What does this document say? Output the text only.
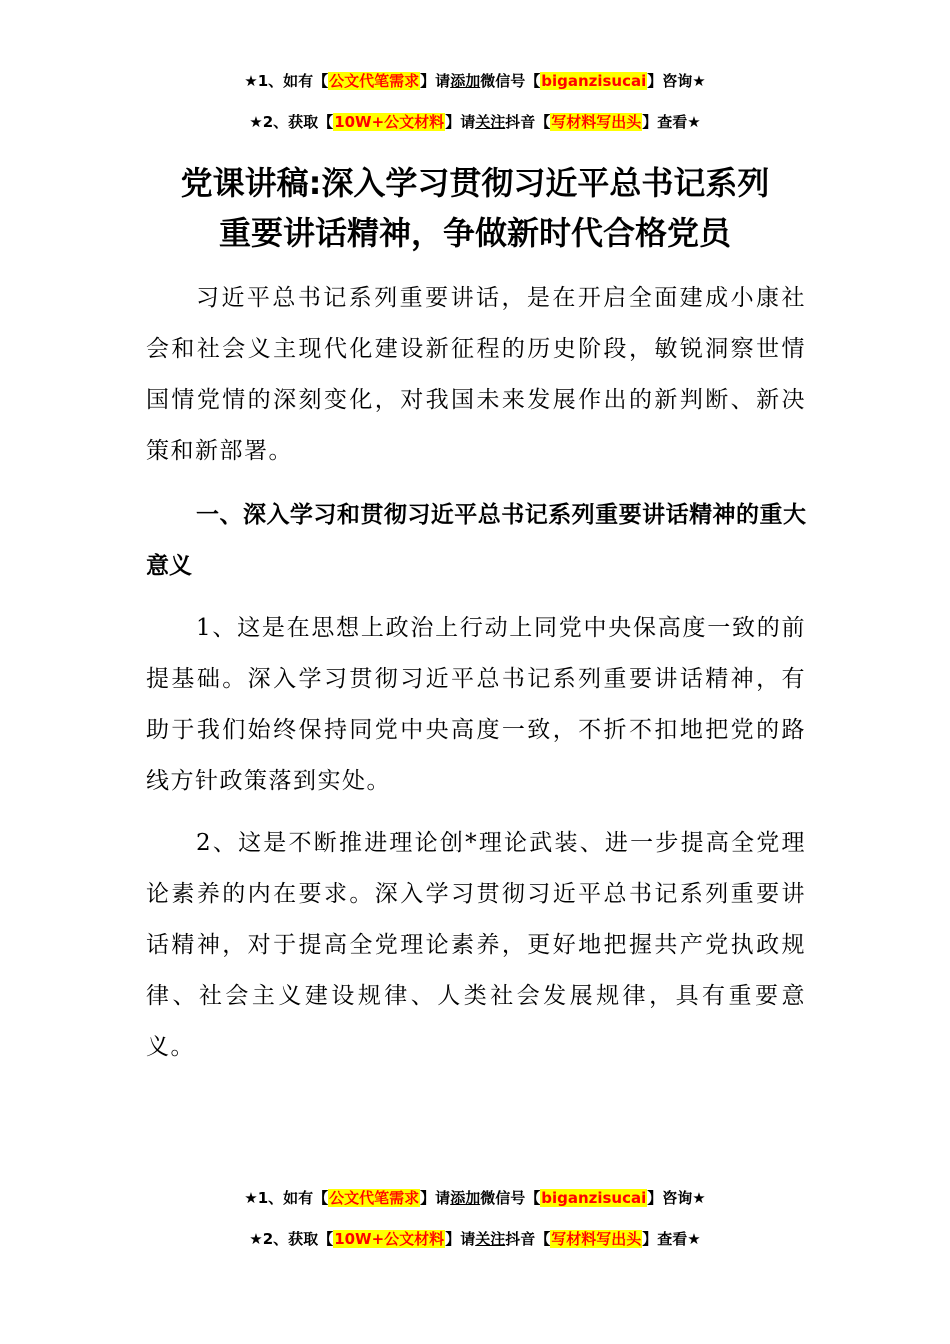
★1、如有【公文代笔需求】请添加微信号【biganzisucai】咨询★
★2、获取【10W+公文材料】请关注抖音【写材料写出头】查看★
党课讲稿:深入学习贯彻习近平总书记系列
重要讲话精神，争做新时代合格党员

习近平总书记系列重要讲话，是在开启全面建成小康社会和社会义主现代化建设新征程的历史阶段，敏锐洞察世情国情党情的深刻变化，对我国未来发展作出的新判断、新决策和新部署。

一、深入学习和贯彻习近平总书记系列重要讲话精神的重大意义

1、这是在思想上政治上行动上同党中央保高度一致的前提基础。深入学习贯彻习近平总书记系列重要讲话精神，有助于我们始终保持同党中央高度一致，不折不扣地把党的路线方针政策落到实处。

2、这是不断推进理论创*理论武装、进一步提高全党理论素养的内在要求。深入学习贯彻习近平总书记系列重要讲话精神，对于提高全党理论素养，更好地把握共产党执政规律、社会主义建设规律、人类社会发展规律，具有重要意义。

★1、如有【公文代笔需求】请添加微信号【biganzisucai】咨询★
★2、获取【10W+公文材料】请关注抖音【写材料写出头】查看★
